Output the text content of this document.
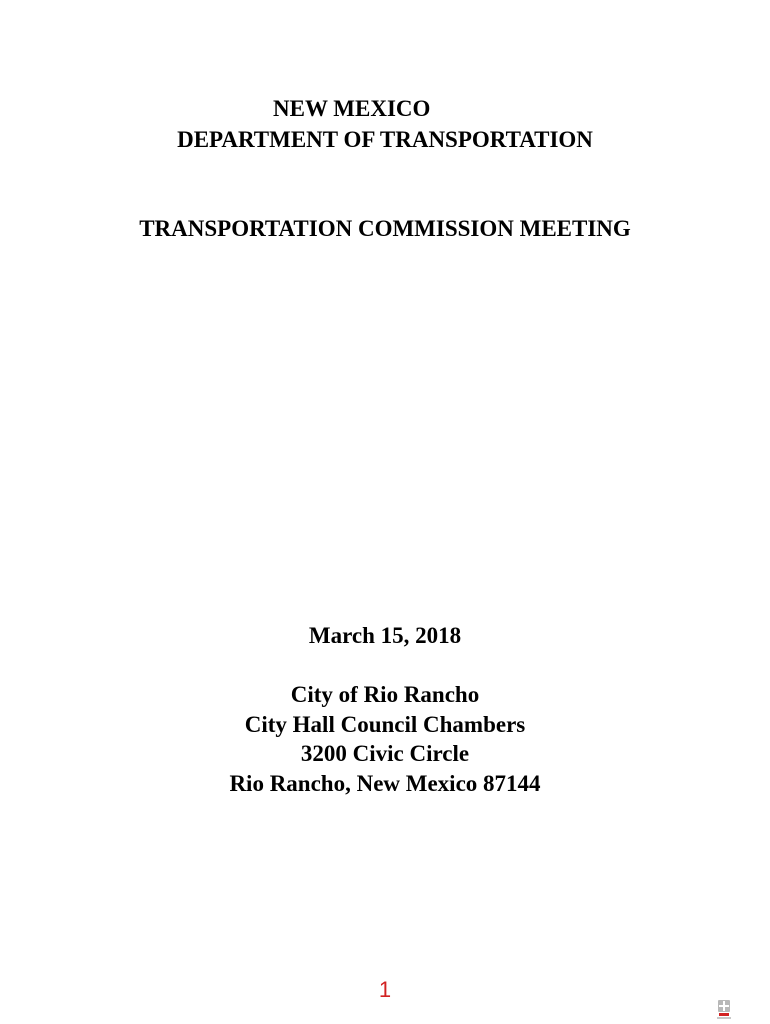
NEW MEXICO
DEPARTMENT OF TRANSPORTATION
TRANSPORTATION COMMISSION MEETING
March 15, 2018
City of Rio Rancho
City Hall Council Chambers
3200 Civic Circle
Rio Rancho, New Mexico 87144
1
